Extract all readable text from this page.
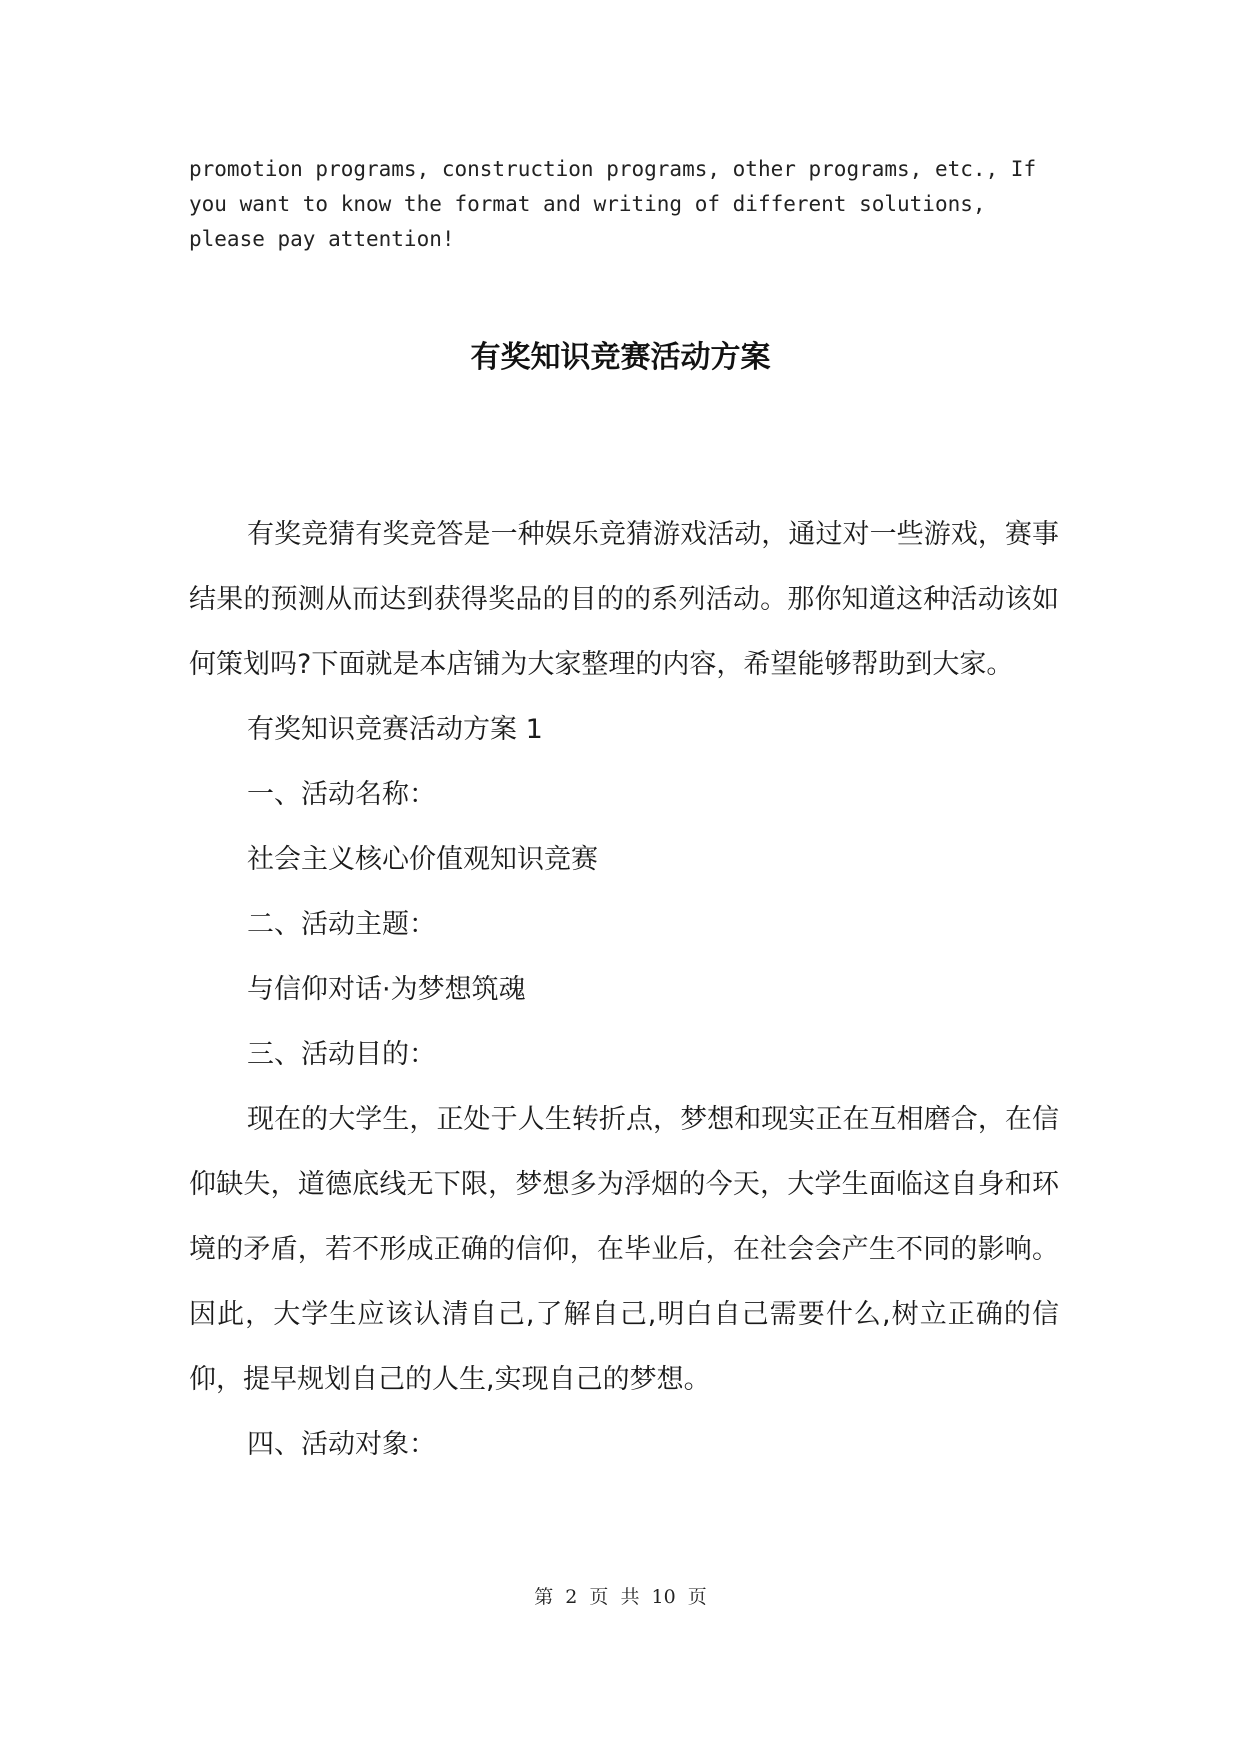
promotion programs, construction programs, other programs, etc., If
you want to know the format and writing of different solutions,
please pay attention!
有奖知识竞赛活动方案

有奖竞猜有奖竞答是一种娱乐竞猜游戏活动，通过对一些游戏，赛事结果的预测从而达到获得奖品的目的的系列活动。那你知道这种活动该如何策划吗?下面就是本店铺为大家整理的内容，希望能够帮助到大家。

有奖知识竞赛活动方案 1

一、活动名称：

社会主义核心价值观知识竞赛

二、活动主题：

与信仰对话·为梦想筑魂

三、活动目的：

现在的大学生，正处于人生转折点，梦想和现实正在互相磨合，在信仰缺失，道德底线无下限，梦想多为浮烟的今天，大学生面临这自身和环境的矛盾，若不形成正确的信仰，在毕业后，在社会会产生不同的影响。因此，大学生应该认清自己,了解自己,明白自己需要什么,树立正确的信仰，提早规划自己的人生,实现自己的梦想。

四、活动对象：

第 2 页 共 10 页
